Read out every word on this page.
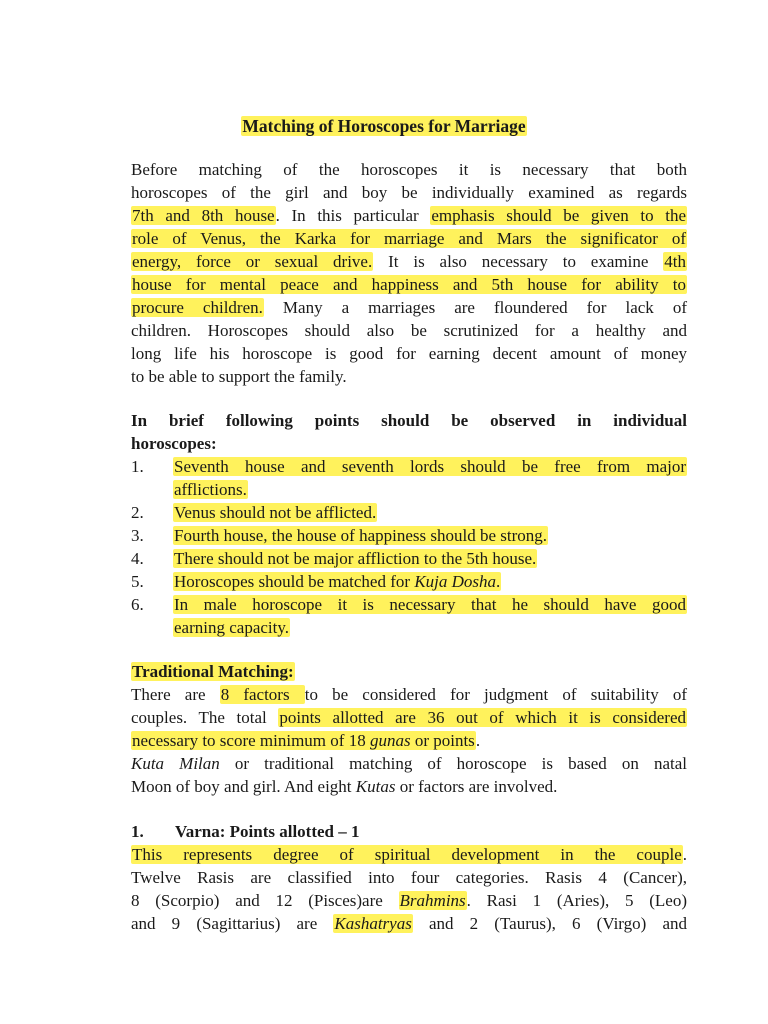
Matching of Horoscopes for Marriage
Before matching of the horoscopes it is necessary that both
horoscopes of the girl and boy be individually examined as regards
7th and 8th house. In this particular emphasis should be given to the
role of Venus, the Karka for marriage and Mars the significator of
energy, force or sexual drive. It is also necessary to examine 4th
house for mental peace and happiness and 5th house for ability to
procure children. Many a marriages are floundered for lack of
children. Horoscopes should also be scrutinized for a healthy and
long life his horoscope is good for earning decent amount of money
to be able to support the family.
In brief following points should be observed in individual
horoscopes:
1.	Seventh house and seventh lords should be free from major
afflictions.
2.	Venus should not be afflicted.
3.	Fourth house, the house of happiness should be strong.
4.	There should not be major affliction to the 5th house.
5.	Horoscopes should be matched for Kuja Dosha.
6.	In male horoscope it is necessary that he should have good
earning capacity.
Traditional Matching:
There are 8 factors to be considered for judgment of suitability of
couples. The total points allotted are 36 out of which it is considered
necessary to score minimum of 18 gunas or points.
Kuta Milan or traditional matching of horoscope is based on natal
Moon of boy and girl. And eight Kutas or factors are involved.
1. Varna: Points allotted – 1
This represents degree of spiritual development in the couple.
Twelve Rasis are classified into four categories. Rasis 4 (Cancer),
8 (Scorpio) and 12 (Pisces)are Brahmins. Rasi 1 (Aries), 5 (Leo)
and 9 (Sagittarius) are Kashatryas and 2 (Taurus), 6 (Virgo) and
